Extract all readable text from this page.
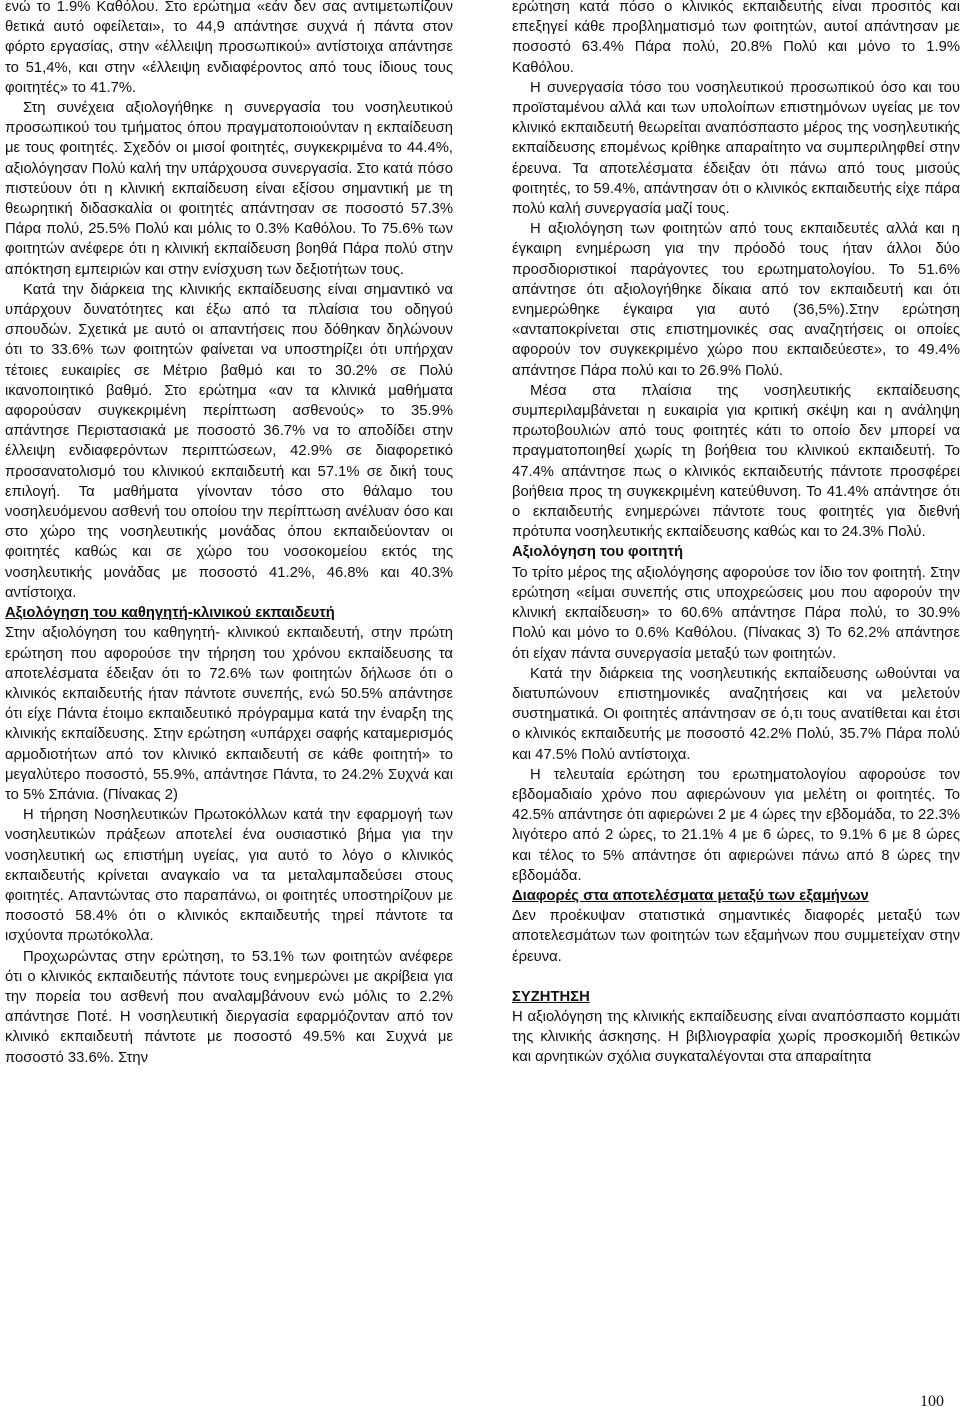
ενώ το 1.9% Καθόλου. Στο ερώτημα «εάν δεν σας αντιμετωπίζουν θετικά αυτό οφείλεται», το 44,9 απάντησε συχνά ή πάντα στον φόρτο εργασίας, στην «έλλειψη προσωπικού» αντίστοιχα απάντησε το 51,4%, και στην «έλλειψη ενδιαφέροντος από τους ίδιους τους φοιτητές» το 41.7%.

Στη συνέχεια αξιολογήθηκε η συνεργασία του νοσηλευτικού προσωπικού του τμήματος όπου πραγματοποιούνταν η εκπαίδευση με τους φοιτητές. Σχεδόν οι μισοί φοιτητές, συγκεκριμένα το 44.4%, αξιολόγησαν Πολύ καλή την υπάρχουσα συνεργασία. Στο κατά πόσο πιστεύουν ότι η κλινική εκπαίδευση είναι εξίσου σημαντική με τη θεωρητική διδασκαλία οι φοιτητές απάντησαν σε ποσοστό 57.3% Πάρα πολύ, 25.5% Πολύ και μόλις το 0.3% Καθόλου. Το 75.6% των φοιτητών ανέφερε ότι η κλινική εκπαίδευση βοηθά Πάρα πολύ στην απόκτηση εμπειριών και στην ενίσχυση των δεξιοτήτων τους.

Κατά την διάρκεια της κλινικής εκπαίδευσης είναι σημαντικό να υπάρχουν δυνατότητες και έξω από τα πλαίσια του οδηγού σπουδών. Σχετικά με αυτό οι απαντήσεις που δόθηκαν δηλώνουν ότι το 33.6% των φοιτητών φαίνεται να υποστηρίζει ότι υπήρχαν τέτοιες ευκαιρίες σε Μέτριο βαθμό και το 30.2% σε Πολύ ικανοποιητικό βαθμό. Στο ερώτημα «αν τα κλινικά μαθήματα αφορούσαν συγκεκριμένη περίπτωση ασθενούς» το 35.9% απάντησε Περιστασιακά με ποσοστό 36.7% να το αποδίδει στην έλλειψη ενδιαφερόντων περιπτώσεων, 42.9% σε διαφορετικό προσανατολισμό του κλινικού εκπαιδευτή και 57.1% σε δική τους επιλογή. Τα μαθήματα γίνονταν τόσο στο θάλαμο του νοσηλευόμενου ασθενή του οποίου την περίπτωση ανέλυαν όσο και στο χώρο της νοσηλευτικής μονάδας όπου εκπαιδεύονταν οι φοιτητές καθώς και σε χώρο του νοσοκομείου εκτός της νοσηλευτικής μονάδας με ποσοστό 41.2%, 46.8% και 40.3% αντίστοιχα.

Αξιολόγηση του καθηγητή-κλινικού εκπαιδευτή

Στην αξιολόγηση του καθηγητή- κλινικού εκπαιδευτή, στην πρώτη ερώτηση που αφορούσε την τήρηση του χρόνου εκπαίδευσης τα αποτελέσματα έδειξαν ότι το 72.6% των φοιτητών δήλωσε ότι ο κλινικός εκπαιδευτής ήταν πάντοτε συνεπής, ενώ 50.5% απάντησε ότι είχε Πάντα έτοιμο εκπαιδευτικό πρόγραμμα κατά την έναρξη της κλινικής εκπαίδευσης. Στην ερώτηση «υπάρχει σαφής καταμερισμός αρμοδιοτήτων από τον κλινικό εκπαιδευτή σε κάθε φοιτητή» το μεγαλύτερο ποσοστό, 55.9%, απάντησε Πάντα, το 24.2% Συχνά και το 5% Σπάνια. (Πίνακας 2)

Η τήρηση Νοσηλευτικών Πρωτοκόλλων κατά την εφαρμογή των νοσηλευτικών πράξεων αποτελεί ένα ουσιαστικό βήμα για την νοσηλευτική ως επιστήμη υγείας, για αυτό το λόγο ο κλινικός εκπαιδευτής κρίνεται αναγκαίο να τα μεταλαμπαδεύσει στους φοιτητές. Απαντώντας στο παραπάνω, οι φοιτητές υποστηρίζουν με ποσοστό 58.4% ότι ο κλινικός εκπαιδευτής τηρεί πάντοτε τα ισχύοντα πρωτόκολλα.

Προχωρώντας στην ερώτηση, το 53.1% των φοιτητών ανέφερε ότι ο κλινικός εκπαιδευτής πάντοτε τους ενημερώνει με ακρίβεια για την πορεία του ασθενή που αναλαμβάνουν ενώ μόλις το 2.2% απάντησε Ποτέ. Η νοσηλευτική διεργασία εφαρμόζονταν από τον κλινικό εκπαιδευτή πάντοτε με ποσοστό 49.5% και Συχνά με ποσοστό 33.6%. Στην

ερώτηση κατά πόσο ο κλινικός εκπαιδευτής είναι προσιτός και επεξηγεί κάθε προβληματισμό των φοιτητών, αυτοί απάντησαν με ποσοστό 63.4% Πάρα πολύ, 20.8% Πολύ και μόνο το 1.9% Καθόλου.

Η συνεργασία τόσο του νοσηλευτικού προσωπικού όσο και του προϊσταμένου αλλά και των υπολοίπων επιστημόνων υγείας με τον κλινικό εκπαιδευτή θεωρείται αναπόσπαστο μέρος της νοσηλευτικής εκπαίδευσης επομένως κρίθηκε απαραίτητο να συμπεριληφθεί στην έρευνα. Τα αποτελέσματα έδειξαν ότι πάνω από τους μισούς φοιτητές, το 59.4%, απάντησαν ότι ο κλινικός εκπαιδευτής είχε πάρα πολύ καλή συνεργασία μαζί τους.

Η αξιολόγηση των φοιτητών από τους εκπαιδευτές αλλά και η έγκαιρη ενημέρωση για την πρόοδό τους ήταν άλλοι δύο προσδιοριστικοί παράγοντες του ερωτηματολογίου. Το 51.6% απάντησε ότι αξιολογήθηκε δίκαια από τον εκπαιδευτή και ότι ενημερώθηκε έγκαιρα για αυτό (36,5%).Στην ερώτηση «ανταποκρίνεται στις επιστημονικές σας αναζητήσεις οι οποίες αφορούν τον συγκεκριμένο χώρο που εκπαιδεύεστε», το 49.4% απάντησε Πάρα πολύ και το 26.9% Πολύ.

Μέσα στα πλαίσια της νοσηλευτικής εκπαίδευσης συμπεριλαμβάνεται η ευκαιρία για κριτική σκέψη και η ανάληψη πρωτοβουλιών από τους φοιτητές κάτι το οποίο δεν μπορεί να πραγματοποιηθεί χωρίς τη βοήθεια του κλινικού εκπαιδευτή. Το 47.4% απάντησε πως ο κλινικός εκπαιδευτής πάντοτε προσφέρει βοήθεια προς τη συγκεκριμένη κατεύθυνση. Το 41.4% απάντησε ότι ο εκπαιδευτής ενημερώνει πάντοτε τους φοιτητές για διεθνή πρότυπα νοσηλευτικής εκπαίδευσης καθώς και το 24.3% Πολύ.

Αξιολόγηση του φοιτητή

Το τρίτο μέρος της αξιολόγησης αφορούσε τον ίδιο τον φοιτητή. Στην ερώτηση «είμαι συνεπής στις υποχρεώσεις μου που αφορούν την κλινική εκπαίδευση» το 60.6% απάντησε Πάρα πολύ, το 30.9% Πολύ και μόνο το 0.6% Καθόλου. (Πίνακας 3) Το 62.2% απάντησε ότι είχαν πάντα συνεργασία μεταξύ των φοιτητών.

Κατά την διάρκεια της νοσηλευτικής εκπαίδευσης ωθούνται να διατυπώνουν επιστημονικές αναζητήσεις και να μελετούν συστηματικά. Οι φοιτητές απάντησαν σε ό,τι τους ανατίθεται και έτσι ο κλινικός εκπαιδευτής με ποσοστό 42.2% Πολύ, 35.7% Πάρα πολύ και 47.5% Πολύ αντίστοιχα.

Η τελευταία ερώτηση του ερωτηματολογίου αφορούσε τον εβδομαδιαίο χρόνο που αφιερώνουν για μελέτη οι φοιτητές. Το 42.5% απάντησε ότι αφιερώνει 2 με 4 ώρες την εβδομάδα, το 22.3% λιγότερο από 2 ώρες, το 21.1% 4 με 6 ώρες, το 9.1% 6 με 8 ώρες και τέλος το 5% απάντησε ότι αφιερώνει πάνω από 8 ώρες την εβδομάδα.

Διαφορές στα αποτελέσματα μεταξύ των εξαμήνων

Δεν προέκυψαν στατιστικά σημαντικές διαφορές μεταξύ των αποτελεσμάτων των φοιτητών των εξαμήνων που συμμετείχαν στην έρευνα.

ΣΥΖΗΤΗΣΗ

Η αξιολόγηση της κλινικής εκπαίδευσης είναι αναπόσπαστο κομμάτι της κλινικής άσκησης. Η βιβλιογραφία χωρίς προσκομιδή θετικών και αρνητικών σχόλια συγκαταλέγονται στα απαραίτητα

100
